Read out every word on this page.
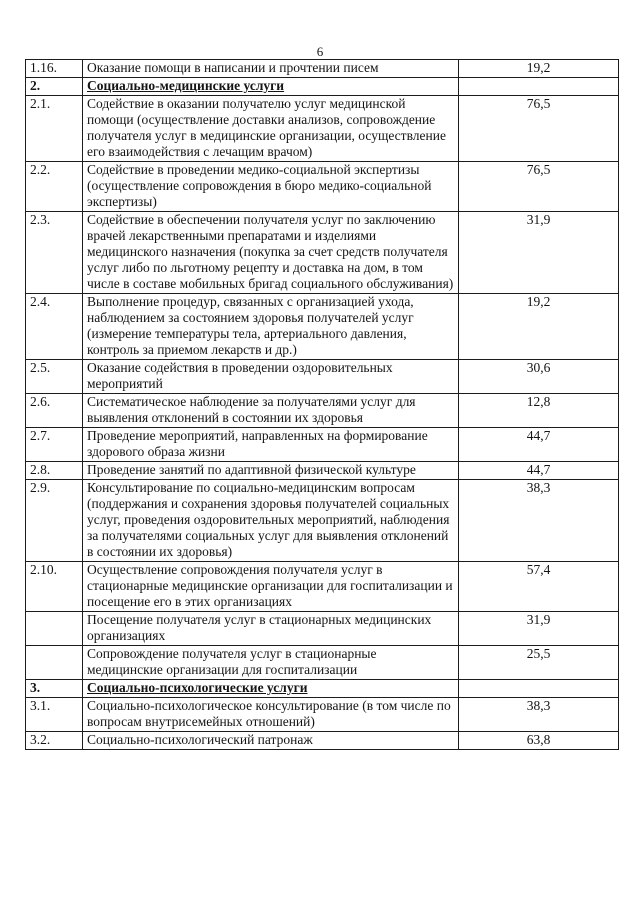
6
1.16.	Оказание помощи в написании и прочтении писем	19,2
2.	Социально-медицинские услуги	
2.1.	Содействие в оказании получателю услуг медицинской помощи (осуществление доставки анализов, сопровождение получателя услуг в медицинские организации, осуществление его взаимодействия с лечащим врачом)	76,5
2.2.	Содействие в проведении медико-социальной экспертизы (осуществление сопровождения в бюро медико-социальной экспертизы)	76,5
2.3.	Содействие в обеспечении получателя услуг по заключению врачей лекарственными препаратами и изделиями медицинского назначения (покупка за счет средств получателя услуг либо по льготному рецепту и доставка на дом, в том числе в составе мобильных бригад социального обслуживания)	31,9
2.4.	Выполнение процедур, связанных с организацией ухода, наблюдением за состоянием здоровья получателей услуг (измерение температуры тела, артериального давления, контроль за приемом лекарств и др.)	19,2
2.5.	Оказание содействия в проведении оздоровительных мероприятий	30,6
2.6.	Систематическое наблюдение за получателями услуг для выявления отклонений в состоянии их здоровья	12,8
2.7.	Проведение мероприятий, направленных на формирование здорового образа жизни	44,7
2.8.	Проведение занятий по адаптивной физической культуре	44,7
2.9.	Консультирование по социально-медицинским вопросам (поддержания и сохранения здоровья получателей социальных услуг, проведения оздоровительных мероприятий, наблюдения за получателями социальных услуг для выявления отклонений в состоянии их здоровья)	38,3
2.10.	Осуществление сопровождения получателя услуг в стационарные медицинские организации для госпитализации и посещение его в этих организациях	57,4
	Посещение получателя услуг в стационарных медицинских организациях	31,9
	Сопровождение получателя услуг в стационарные медицинские организации для госпитализации	25,5
3.	Социально-психологические услуги	
3.1.	Социально-психологическое консультирование (в том числе по вопросам внутрисемейных отношений)	38,3
3.2.	Социально-психологический патронаж	63,8
